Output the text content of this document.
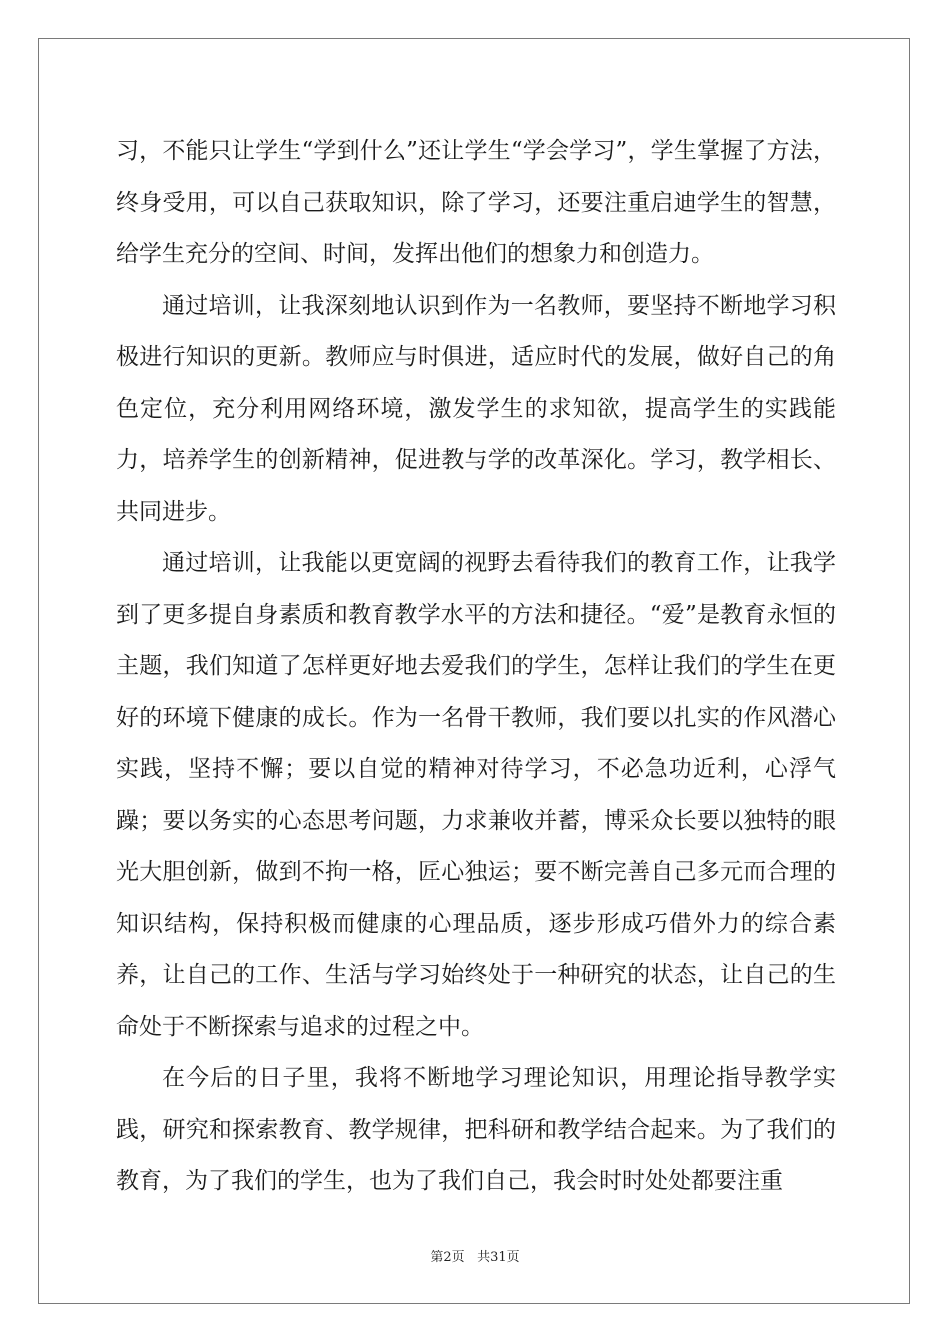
习，不能只让学生“学到什么”还让学生“学会学习”，学生掌握了方法，终身受用，可以自己获取知识，除了学习，还要注重启迪学生的智慧，给学生充分的空间、时间，发挥出他们的想象力和创造力。

通过培训，让我深刻地认识到作为一名教师，要坚持不断地学习积极进行知识的更新。教师应与时俱进，适应时代的发展，做好自己的角色定位，充分利用网络环境，激发学生的求知欲，提高学生的实践能力，培养学生的创新精神，促进教与学的改革深化。学习，教学相长、共同进步。

通过培训，让我能以更宽阔的视野去看待我们的教育工作，让我学到了更多提自身素质和教育教学水平的方法和捷径。“爱”是教育永恒的主题，我们知道了怎样更好地去爱我们的学生，怎样让我们的学生在更好的环境下健康的成长。作为一名骨干教师，我们要以扎实的作风潜心实践，坚持不懈；要以自觉的精神对待学习，不必急功近利，心浮气躁；要以务实的心态思考问题，力求兼收并蓄，博采众长要以独特的眼光大胆创新，做到不拘一格，匠心独运；要不断完善自己多元而合理的知识结构，保持积极而健康的心理品质，逐步形成巧借外力的综合素养，让自己的工作、生活与学习始终处于一种研究的状态，让自己的生命处于不断探索与追求的过程之中。

在今后的日子里，我将不断地学习理论知识，用理论指导教学实践，研究和探索教育、教学规律，把科研和教学结合起来。为了我们的教育，为了我们的学生，也为了我们自己，我会时时处处都要注重

第2页 共31页
